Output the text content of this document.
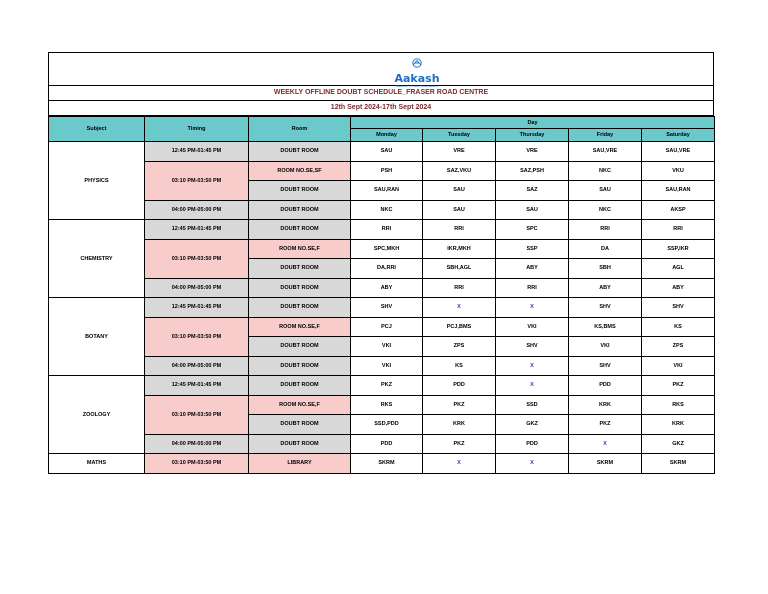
Aakash
Medical | IIT-JEE | Foundations
WEEKLY OFFLINE DOUBT SCHEDULE_FRASER ROAD CENTRE
12th Sept 2024-17th Sept 2024
Subject	Timing	Room	Day				
			Monday	Tuesday	Thursday	Friday	Saturday
PHYSICS	12:45 PM-01:45 PM	DOUBT ROOM	SAU	VRE	VRE	SAU,VRE	SAU,VRE
	03:10 PM-03:50 PM	ROOM NO.SE,SF	PSH	SAZ,VKU	SAZ,PSH	NKC	VKU
		DOUBT ROOM	SAU,RAN	SAU	SAZ	SAU	SAU,RAN
	04:00 PM-05:00 PM	DOUBT ROOM	NKC	SAU	SAU	NKC	AKSP
CHEMISTRY	12:45 PM-01:45 PM	DOUBT ROOM	RRI	RRI	SPC	RRI	RRI
	03:10 PM-03:50 PM	ROOM NO.SE,F	SPC,MKH	IKR,MKH	SSP	DA	SSP,IKR
		DOUBT ROOM	DA,RRI	SBH,AGL	ABY	SBH	AGL
	04:00 PM-05:00 PM	DOUBT ROOM	ABY	RRI	RRI	ABY	ABY
BOTANY	12:45 PM-01:45 PM	DOUBT ROOM	SHV	X	X	SHV	SHV
	03:10 PM-03:50 PM	ROOM NO.SE,F	PCJ	PCJ,BMS	VKI	KS,BMS	KS
		DOUBT ROOM	VKI	ZPS	SHV	VKI	ZPS
	04:00 PM-05:00 PM	DOUBT ROOM	VKI	KS	X	SHV	VKI
ZOOLOGY	12:45 PM-01:45 PM	DOUBT ROOM	PKZ	PDD	X	PDD	PKZ
	03:10 PM-03:50 PM	ROOM NO.SE,F	RKS	PKZ	SSD	KRK	RKS
		DOUBT ROOM	SSD,PDD	KRK	GKZ	PKZ	KRK
	04:00 PM-05:00 PM	DOUBT ROOM	PDD	PKZ	PDD	X	GKZ
MATHS	03:10 PM-03:50 PM	LIBRARY	SKRM	X	X	SKRM	SKRM
